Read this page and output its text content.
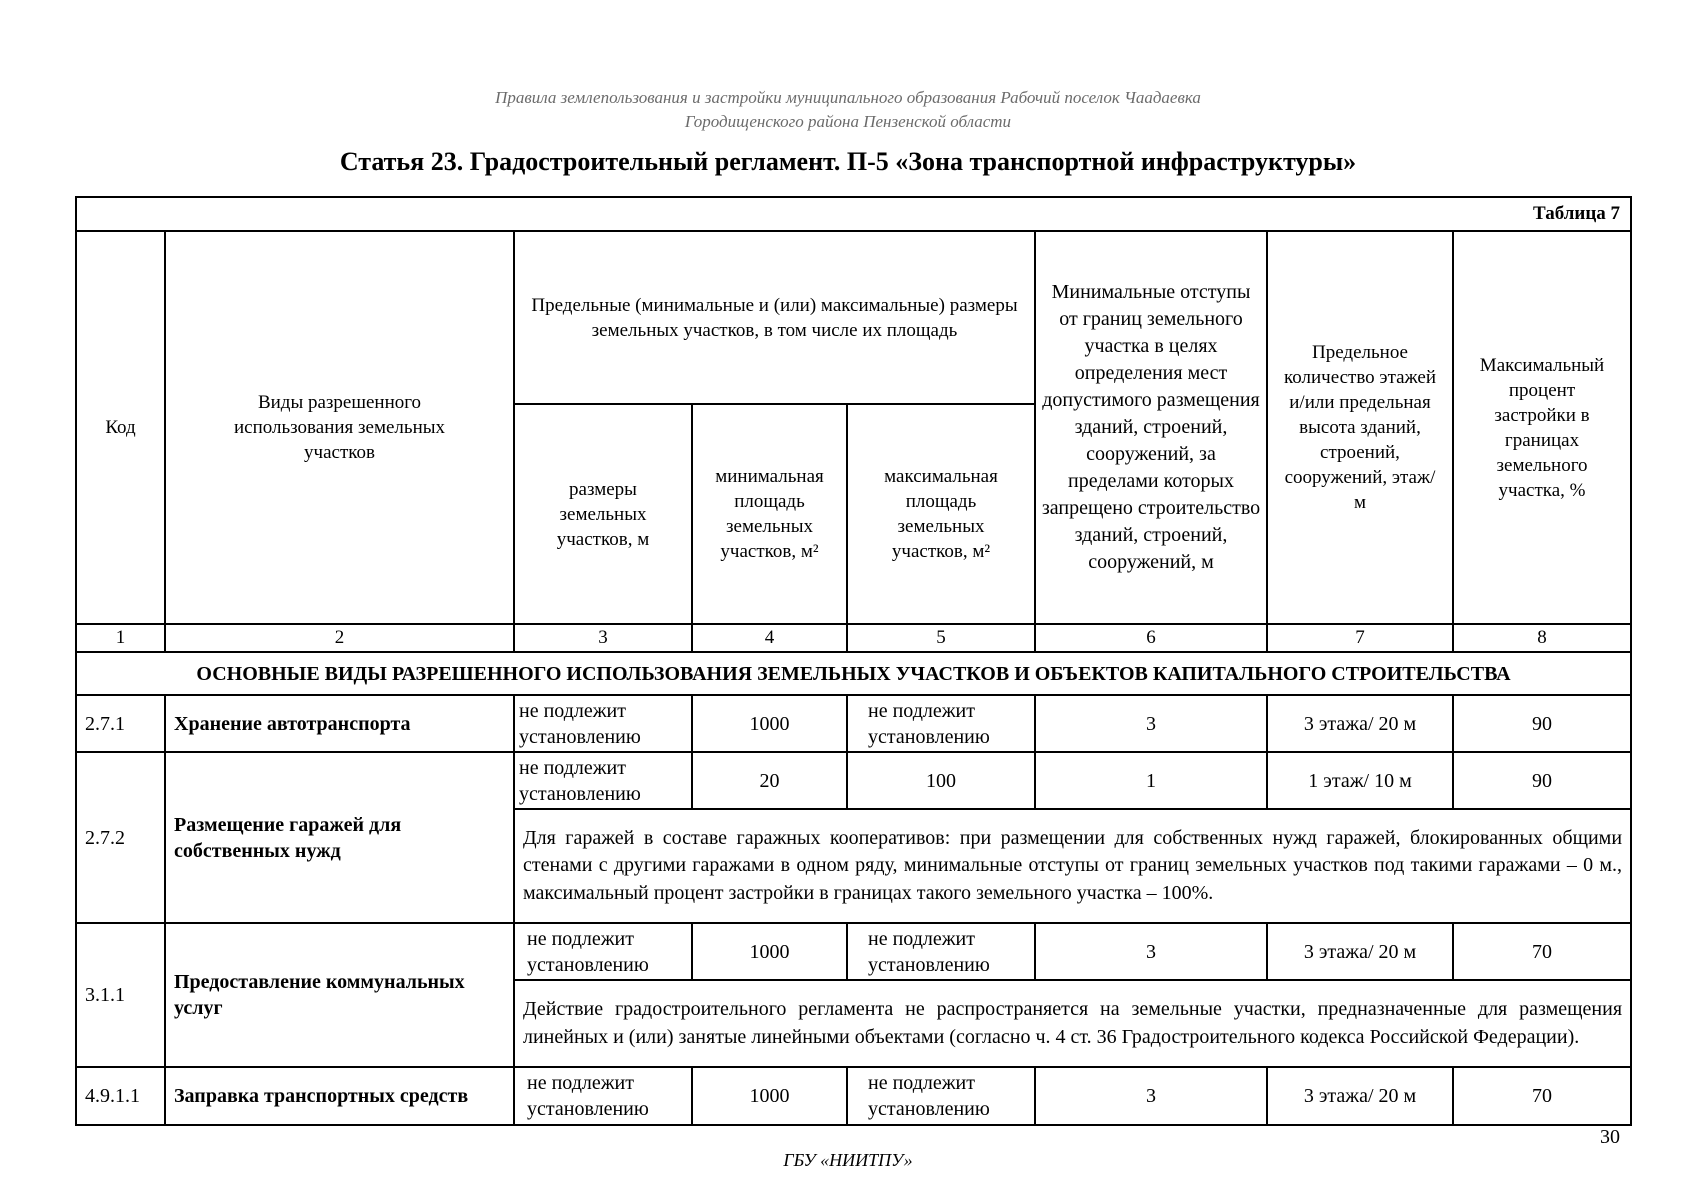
Правила землепользования и застройки муниципального образования Рабочий поселок Чаадаевка
Городищенского района Пензенской области
Статья 23. Градостроительный регламент. П-5 «Зона транспортной инфраструктуры»
Таблица 7							
Код	Виды разрешенного использования земельных участков	Предельные (минимальные и (или) максимальные) размеры земельных участков, в том числе их площадь			Минимальные отступы от границ земельного участка в целях определения мест допустимого размещения зданий, строений, сооружений, за пределами которых запрещено строительство зданий, строений, сооружений, м	Предельное количество этажей и/или предельная высота зданий, строений, сооружений, этаж/м	Максимальный процент застройки в границах земельного участка, %
		размеры земельных участков, м	минимальная площадь земельных участков, м²	максимальная площадь земельных участков, м²			
1	2	3	4	5	6	7	8
ОСНОВНЫЕ ВИДЫ РАЗРЕШЕННОГО ИСПОЛЬЗОВАНИЯ ЗЕМЕЛЬНЫХ УЧАСТКОВ И ОБЪЕКТОВ КАПИТАЛЬНОГО СТРОИТЕЛЬСТВА							
2.7.1	Хранение автотранспорта	не подлежит установлению	1000	не подлежит установлению	3	3 этажа/ 20 м	90
2.7.2	Размещение гаражей для собственных нужд	не подлежит установлению	20	100	1	1 этаж/ 10 м	90
		Для гаражей в составе гаражных кооперативов: при размещении для собственных нужд гаражей, блокированных общими стенами с другими гаражами в одном ряду, минимальные отступы от границ земельных участков под такими гаражами – 0 м., максимальный процент застройки в границах такого земельного участка – 100%.					
3.1.1	Предоставление коммунальных услуг	не подлежит установлению	1000	не подлежит установлению	3	3 этажа/ 20 м	70
		Действие градостроительного регламента не распространяется на земельные участки, предназначенные для размещения линейных и (или) занятые линейными объектами (согласно ч. 4 ст. 36 Градостроительного кодекса Российской Федерации).					
4.9.1.1	Заправка транспортных средств	не подлежит установлению	1000	не подлежит установлению	3	3 этажа/ 20 м	70
30
ГБУ «НИИТПУ»
